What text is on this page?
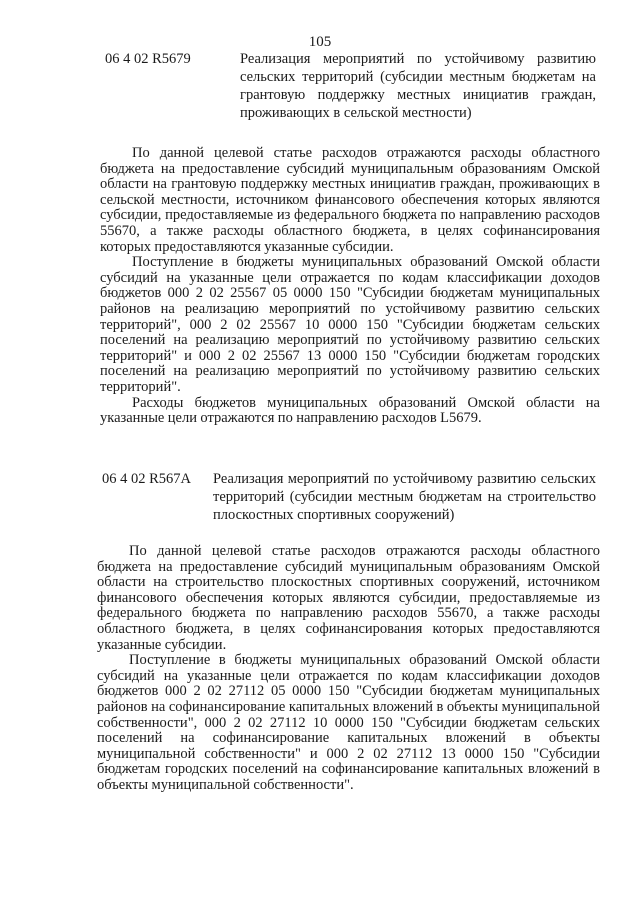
105
06 4 02 R5679	Реализация мероприятий по устойчивому развитию сельских территорий (субсидии местным бюджетам на грантовую поддержку местных инициатив граждан, проживающих в сельской местности)

По данной целевой статье расходов отражаются расходы областного бюджета на предоставление субсидий муниципальным образованиям Омской области на грантовую поддержку местных инициатив граждан, проживающих в сельской местности, источником финансового обеспечения которых являются субсидии, предоставляемые из федерального бюджета по направлению расходов 55670, а также расходы областного бюджета, в целях софинансирования которых предоставляются указанные субсидии.

Поступление в бюджеты муниципальных образований Омской области субсидий на указанные цели отражается по кодам классификации доходов бюджетов 000 2 02 25567 05 0000 150 "Субсидии бюджетам муниципальных районов на реализацию мероприятий по устойчивому развитию сельских территорий", 000 2 02 25567 10 0000 150 "Субсидии бюджетам сельских поселений на реализацию мероприятий по устойчивому развитию сельских территорий" и 000 2 02 25567 13 0000 150 "Субсидии бюджетам городских поселений на реализацию мероприятий по устойчивому развитию сельских территорий".

Расходы бюджетов муниципальных образований Омской области на указанные цели отражаются по направлению расходов L5679.

06 4 02 R567A Реализация мероприятий по устойчивому развитию сельских территорий (субсидии местным бюджетам на строительство плоскостных спортивных сооружений)

По данной целевой статье расходов отражаются расходы областного бюджета на предоставление субсидий муниципальным образованиям Омской области на строительство плоскостных спортивных сооружений, источником финансового обеспечения которых являются субсидии, предоставляемые из федерального бюджета по направлению расходов 55670, а также расходы областного бюджета, в целях софинансирования которых предоставляются указанные субсидии.

Поступление в бюджеты муниципальных образований Омской области субсидий на указанные цели отражается по кодам классификации доходов бюджетов 000 2 02 27112 05 0000 150 "Субсидии бюджетам муниципальных районов на софинансирование капитальных вложений в объекты муниципальной собственности", 000 2 02 27112 10 0000 150 "Субсидии бюджетам сельских поселений на софинансирование капитальных вложений в объекты муниципальной собственности" и 000 2 02 27112 13 0000 150 "Субсидии бюджетам городских поселений на софинансирование капитальных вложений в объекты муниципальной собственности".
